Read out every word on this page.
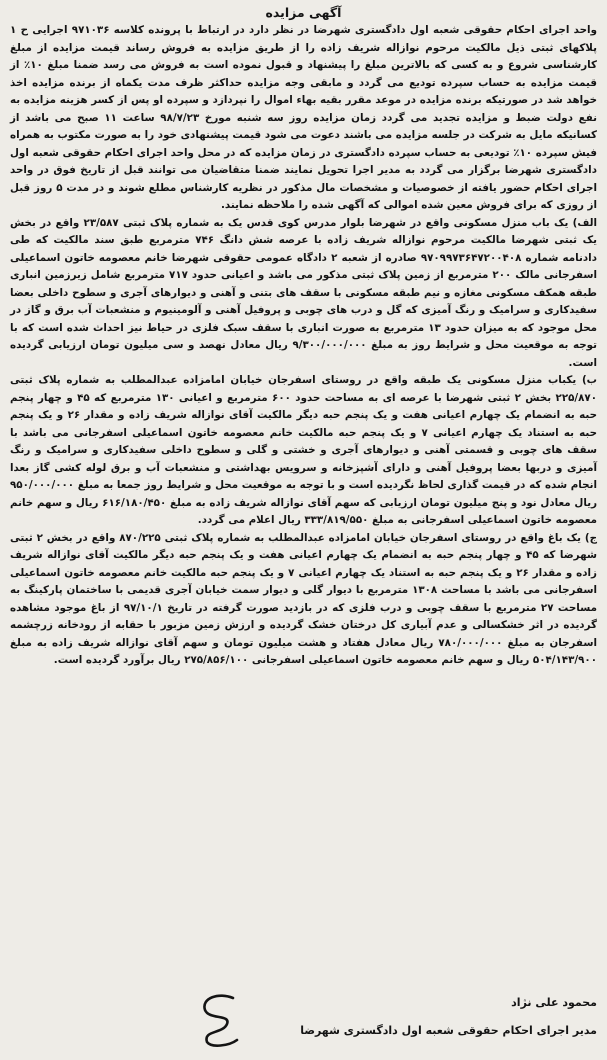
آگهی مزایده

واحد اجرای احکام حقوقی شعبه اول دادگستری شهرضا در نظر دارد در ارتباط با پرونده کلاسه ۹۷۱۰۳۶ اجرایی ح ۱ پلاکهای ثبتی ذیل مالکیت مرحوم نوازاله شریف زاده را از طریق مزایده به فروش رساند قیمت مزایده از مبلغ کارشناسی شروع و به کسی که بالاترین مبلغ را پیشنهاد و قبول نموده است به فروش می رسد ضمنا مبلغ ۱۰٪ از قیمت مزایده به حساب سپرده تودیع می گردد و مابقی وجه مزایده حداکثر ظرف مدت یکماه از برنده مزایده اخذ خواهد شد در صورتیکه برنده مزایده در موعد مقرر بقیه بهاء اموال را نپردازد و سپرده او پس از کسر هزینه مزایده به نفع دولت ضبط و مزایده تجدید می گردد زمان مزایده روز سه شنبه مورخ ۹۸/۷/۲۳ ساعت ۱۱ صبح می باشد از کسانیکه مایل به شرکت در جلسه مزایده می باشند دعوت می شود قیمت پیشنهادی خود را به صورت مکتوب به همراه فیش سپرده ۱۰٪ تودیعی به حساب سپرده دادگستری در زمان مزایده که در محل واحد اجرای احکام حقوقی شعبه اول دادگستری شهرضا برگزار می گردد به مدیر اجرا تحویل نمایند ضمنا متقاضیان می توانند قبل از تاریخ فوق در واحد اجرای احکام حضور یافته از خصوصیات و مشخصات مال مذکور در نظریه کارشناس مطلع شوند و در مدت ۵ روز قبل از روزی که برای فروش معین شده اموالی که آگهی شده را ملاحظه نمایند.

الف) یک باب منزل مسکونی واقع در شهرضا بلوار مدرس کوی قدس یک به شماره پلاک ثبتی ۲۳/۵۸۷ واقع در بخش یک ثبتی شهرضا مالکیت مرحوم نوازاله شریف زاده با عرصه شش دانگ ۷۴۶ مترمربع طبق سند مالکیت که طی دادنامه شماره ۹۷۰۹۹۷۳۶۴۷۲۰۰۴۰۸ صادره از شعبه ۲ دادگاه عمومی حقوقی شهرضا خانم معصومه خاتون اسماعیلی اسفرجانی مالک ۲۰۰ مترمربع از زمین پلاک ثبتی مذکور می باشد و اعیانی حدود ۷۱۷ مترمربع شامل زیرزمین انباری طبقه همکف مسکونی مغازه و نیم طبقه مسکونی با سقف های بتنی و آهنی و دیوارهای آجری و سطوح داخلی بعضا سفیدکاری و سرامیک و رنگ آمیزی که گل و درب های چوبی و پروفیل آهنی و آلومینیوم و منشعبات آب برق و گاز در محل موجود که به میزان حدود ۱۳ مترمربع به صورت انباری با سقف سبک فلزی در حیاط نیز احداث شده است که با توجه به موقعیت محل و شرایط روز به مبلغ ۹/۳۰۰/۰۰۰/۰۰۰ ریال معادل نهصد و سی میلیون تومان ارزیابی گردیده است.

ب) یکباب منزل مسکونی یک طبقه واقع در روستای اسفرجان خیابان امامزاده عبدالمطلب به شماره پلاک ثبتی ۲۲۵/۸۷۰ بخش ۲ ثبتی شهرضا با عرصه ای به مساحت حدود ۶۰۰ مترمربع و اعیانی ۱۳۰ مترمربع که ۴۵ و چهار پنجم حبه به انضمام یک چهارم اعیانی هفت و یک پنجم حبه دیگر مالکیت آقای نوازاله شریف زاده و مقدار ۲۶ و یک پنجم حبه به استناد یک چهارم اعیانی ۷ و یک پنجم حبه مالکیت خانم معصومه خاتون اسماعیلی اسفرجانی می باشد با سقف های چوبی و قسمتی آهنی و دیوارهای آجری و خشتی و گلی و سطوح داخلی سفیدکاری و سرامیک و رنگ آمیزی و دربها بعضا پروفیل آهنی و دارای آشپزخانه و سرویس بهداشتی و منشعبات آب و برق لوله کشی گاز بعدا انجام شده که در قیمت گذاری لحاظ نگردیده است و با توجه به موقعیت محل و شرایط روز جمعا به مبلغ ۹۵۰/۰۰۰/۰۰۰ ریال معادل نود و پنج میلیون تومان ارزیابی که سهم آقای نوازاله شریف زاده به مبلغ ۶۱۶/۱۸۰/۴۵۰ ریال و سهم خانم معصومه خاتون اسماعیلی اسفرجانی به مبلغ ۳۳۳/۸۱۹/۵۵۰ ریال اعلام می گردد.

ج) یک باغ واقع در روستای اسفرجان خیابان امامزاده عبدالمطلب به شماره پلاک ثبتی ۸۷۰/۲۲۵ واقع در بخش ۲ ثبتی شهرضا که ۴۵ و چهار پنجم حبه به انضمام یک چهارم اعیانی هفت و یک پنجم حبه دیگر مالکیت آقای نوازاله شریف زاده و مقدار ۲۶ و یک پنجم حبه به استناد یک چهارم اعیانی ۷ و یک پنجم حبه مالکیت خانم معصومه خاتون اسماعیلی اسفرجانی می باشد با مساحت ۱۳۰۸ مترمربع با دیوار گلی و دیوار سمت خیابان آجری قدیمی با ساختمان پارکینگ به مساحت ۲۷ مترمربع با سقف چوبی و درب فلزی که در بازدید صورت گرفته در تاریخ ۹۷/۱۰/۱ از باغ موجود مشاهده گردیده در اثر خشکسالی و عدم آبیاری کل درختان خشک گردیده و ارزش زمین مزبور با حقابه از رودخانه زرچشمه اسفرجان به مبلغ ۷۸۰/۰۰۰/۰۰۰ ریال معادل هفتاد و هشت میلیون تومان و سهم آقای نوازاله شریف زاده به مبلغ ۵۰۴/۱۴۳/۹۰۰ ریال و سهم خانم معصومه خاتون اسماعیلی اسفرجانی ۲۷۵/۸۵۶/۱۰۰ ریال برآورد گردیده است.

محمود علی نژاد
مدیر اجرای احکام حقوقی شعبه اول دادگستری شهرضا
